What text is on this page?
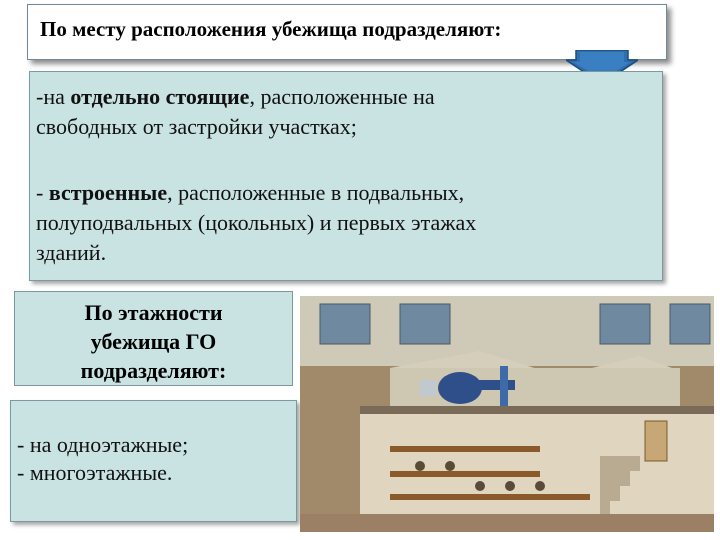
По месту расположения убежища подразделяют:
-на отдельно стоящие, расположенные на
свободных от застройки участках;
- встроенные, расположенные в подвальных,
полуподвальных (цокольных) и первых этажах
зданий.
По этажности
убежища ГО
подразделяют:
- на одноэтажные;
- многоэтажные.
